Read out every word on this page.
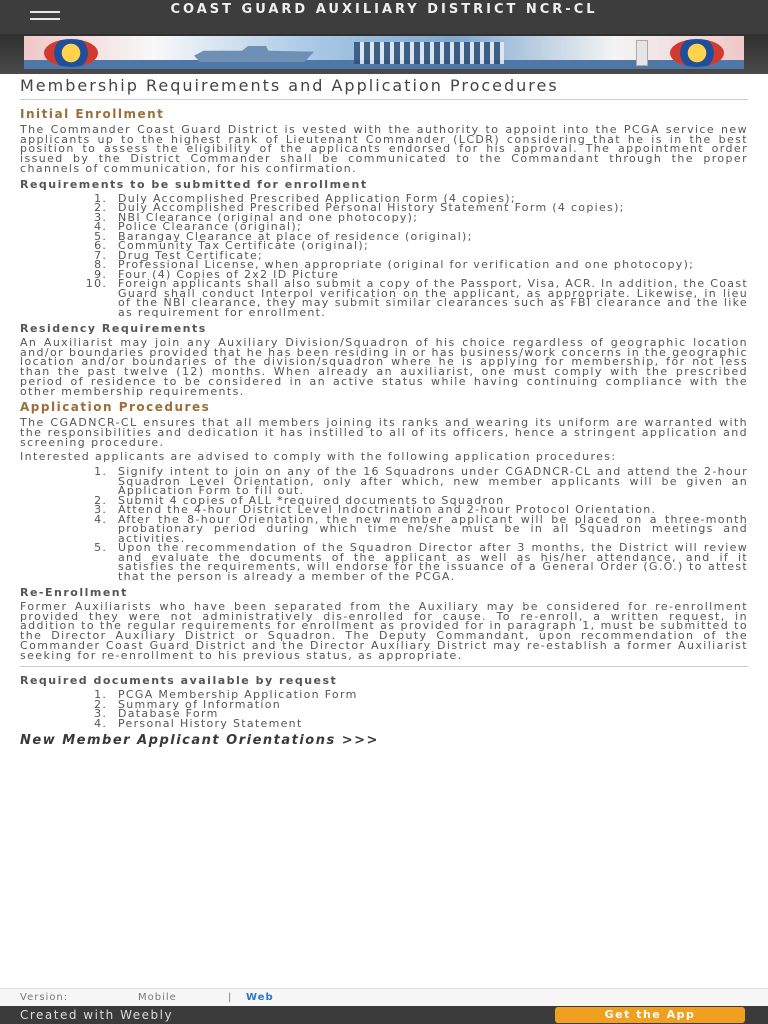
COAST GUARD AUXILIARY DISTRICT NCR-CL
Membership Requirements and Application Procedures
Initial Enrollment

The Commander Coast Guard District is vested with the authority to appoint into the PCGA service new applicants up to the highest rank of Lieutenant Commander (LCDR) considering that he is in the best position to assess the eligibility of the applicants endorsed for his approval. The appointment order issued by the District Commander shall be communicated to the Commandant through the proper channels of communication, for his confirmation.

Requirements to be submitted for enrollment
1. Duly Accomplished Prescribed Application Form (4 copies);
2. Duly Accomplished Prescribed Personal History Statement Form (4 copies);
3. NBI Clearance (original and one photocopy);
4. Police Clearance (original);
5. Barangay Clearance at place of residence (original);
6. Community Tax Certificate (original);
7. Drug Test Certificate;
8. Professional License, when appropriate (original for verification and one photocopy);
9. Four (4) Copies of 2x2 ID Picture
10. Foreign applicants shall also submit a copy of the Passport, Visa, ACR. In addition, the Coast Guard shall conduct Interpol verification on the applicant, as appropriate. Likewise, in lieu of the NBI clearance, they may submit similar clearances such as FBI clearance and the like as requirement for enrollment.
Residency Requirements

An Auxiliarist may join any Auxiliary Division/Squadron of his choice regardless of geographic location and/or boundaries provided that he has been residing in or has business/work concerns in the geographic location and/or boundaries of the division/squadron where he is applying for membership, for not less than the past twelve (12) months. When already an auxiliarist, one must comply with the prescribed period of residence to be considered in an active status while having continuing compliance with the other membership requirements.

Application Procedures

The CGADNCR-CL ensures that all members joining its ranks and wearing its uniform are warranted with the responsibilities and dedication it has instilled to all of its officers, hence a stringent application and screening procedure.

Interested applicants are advised to comply with the following application procedures:

1. Signify intent to join on any of the 16 Squadrons under CGADNCR-CL and attend the 2-hour Squadron Level Orientation, only after which, new member applicants will be given an Application Form to fill out.
2. Submit 4 copies of ALL *required documents to Squadron
3. Attend the 4-hour District Level Indoctrination and 2-hour Protocol Orientation.
4. After the 8-hour Orientation, the new member applicant will be placed on a three-month probationary period during which time he/she must be in all Squadron meetings and activities.
5. Upon the recommendation of the Squadron Director after 3 months, the District will review and evaluate the documents of the applicant as well as his/her attendance, and if it satisfies the requirements, will endorse for the issuance of a General Order (G.O.) to attest that the person is already a member of the PCGA.
Re-Enrollment

Former Auxiliarists who have been separated from the Auxiliary may be considered for re-enrollment provided they were not administratively dis-enrolled for cause. To re-enroll, a written request, in addition to the regular requirements for enrollment as provided for in paragraph 1, must be submitted to the Director Auxiliary District or Squadron. The Deputy Commandant, upon recommendation of the Commander Coast Guard District and the Director Auxiliary District may re-establish a former Auxiliarist seeking for re-enrollment to his previous status, as appropriate.

Required documents available by request
1. PCGA Membership Application Form
2. Summary of Information
3. Database Form
4. Personal History Statement
New Member Applicant Orientations >>>
Version:	Mobile	| Web
Created with Weebly	Get the App
